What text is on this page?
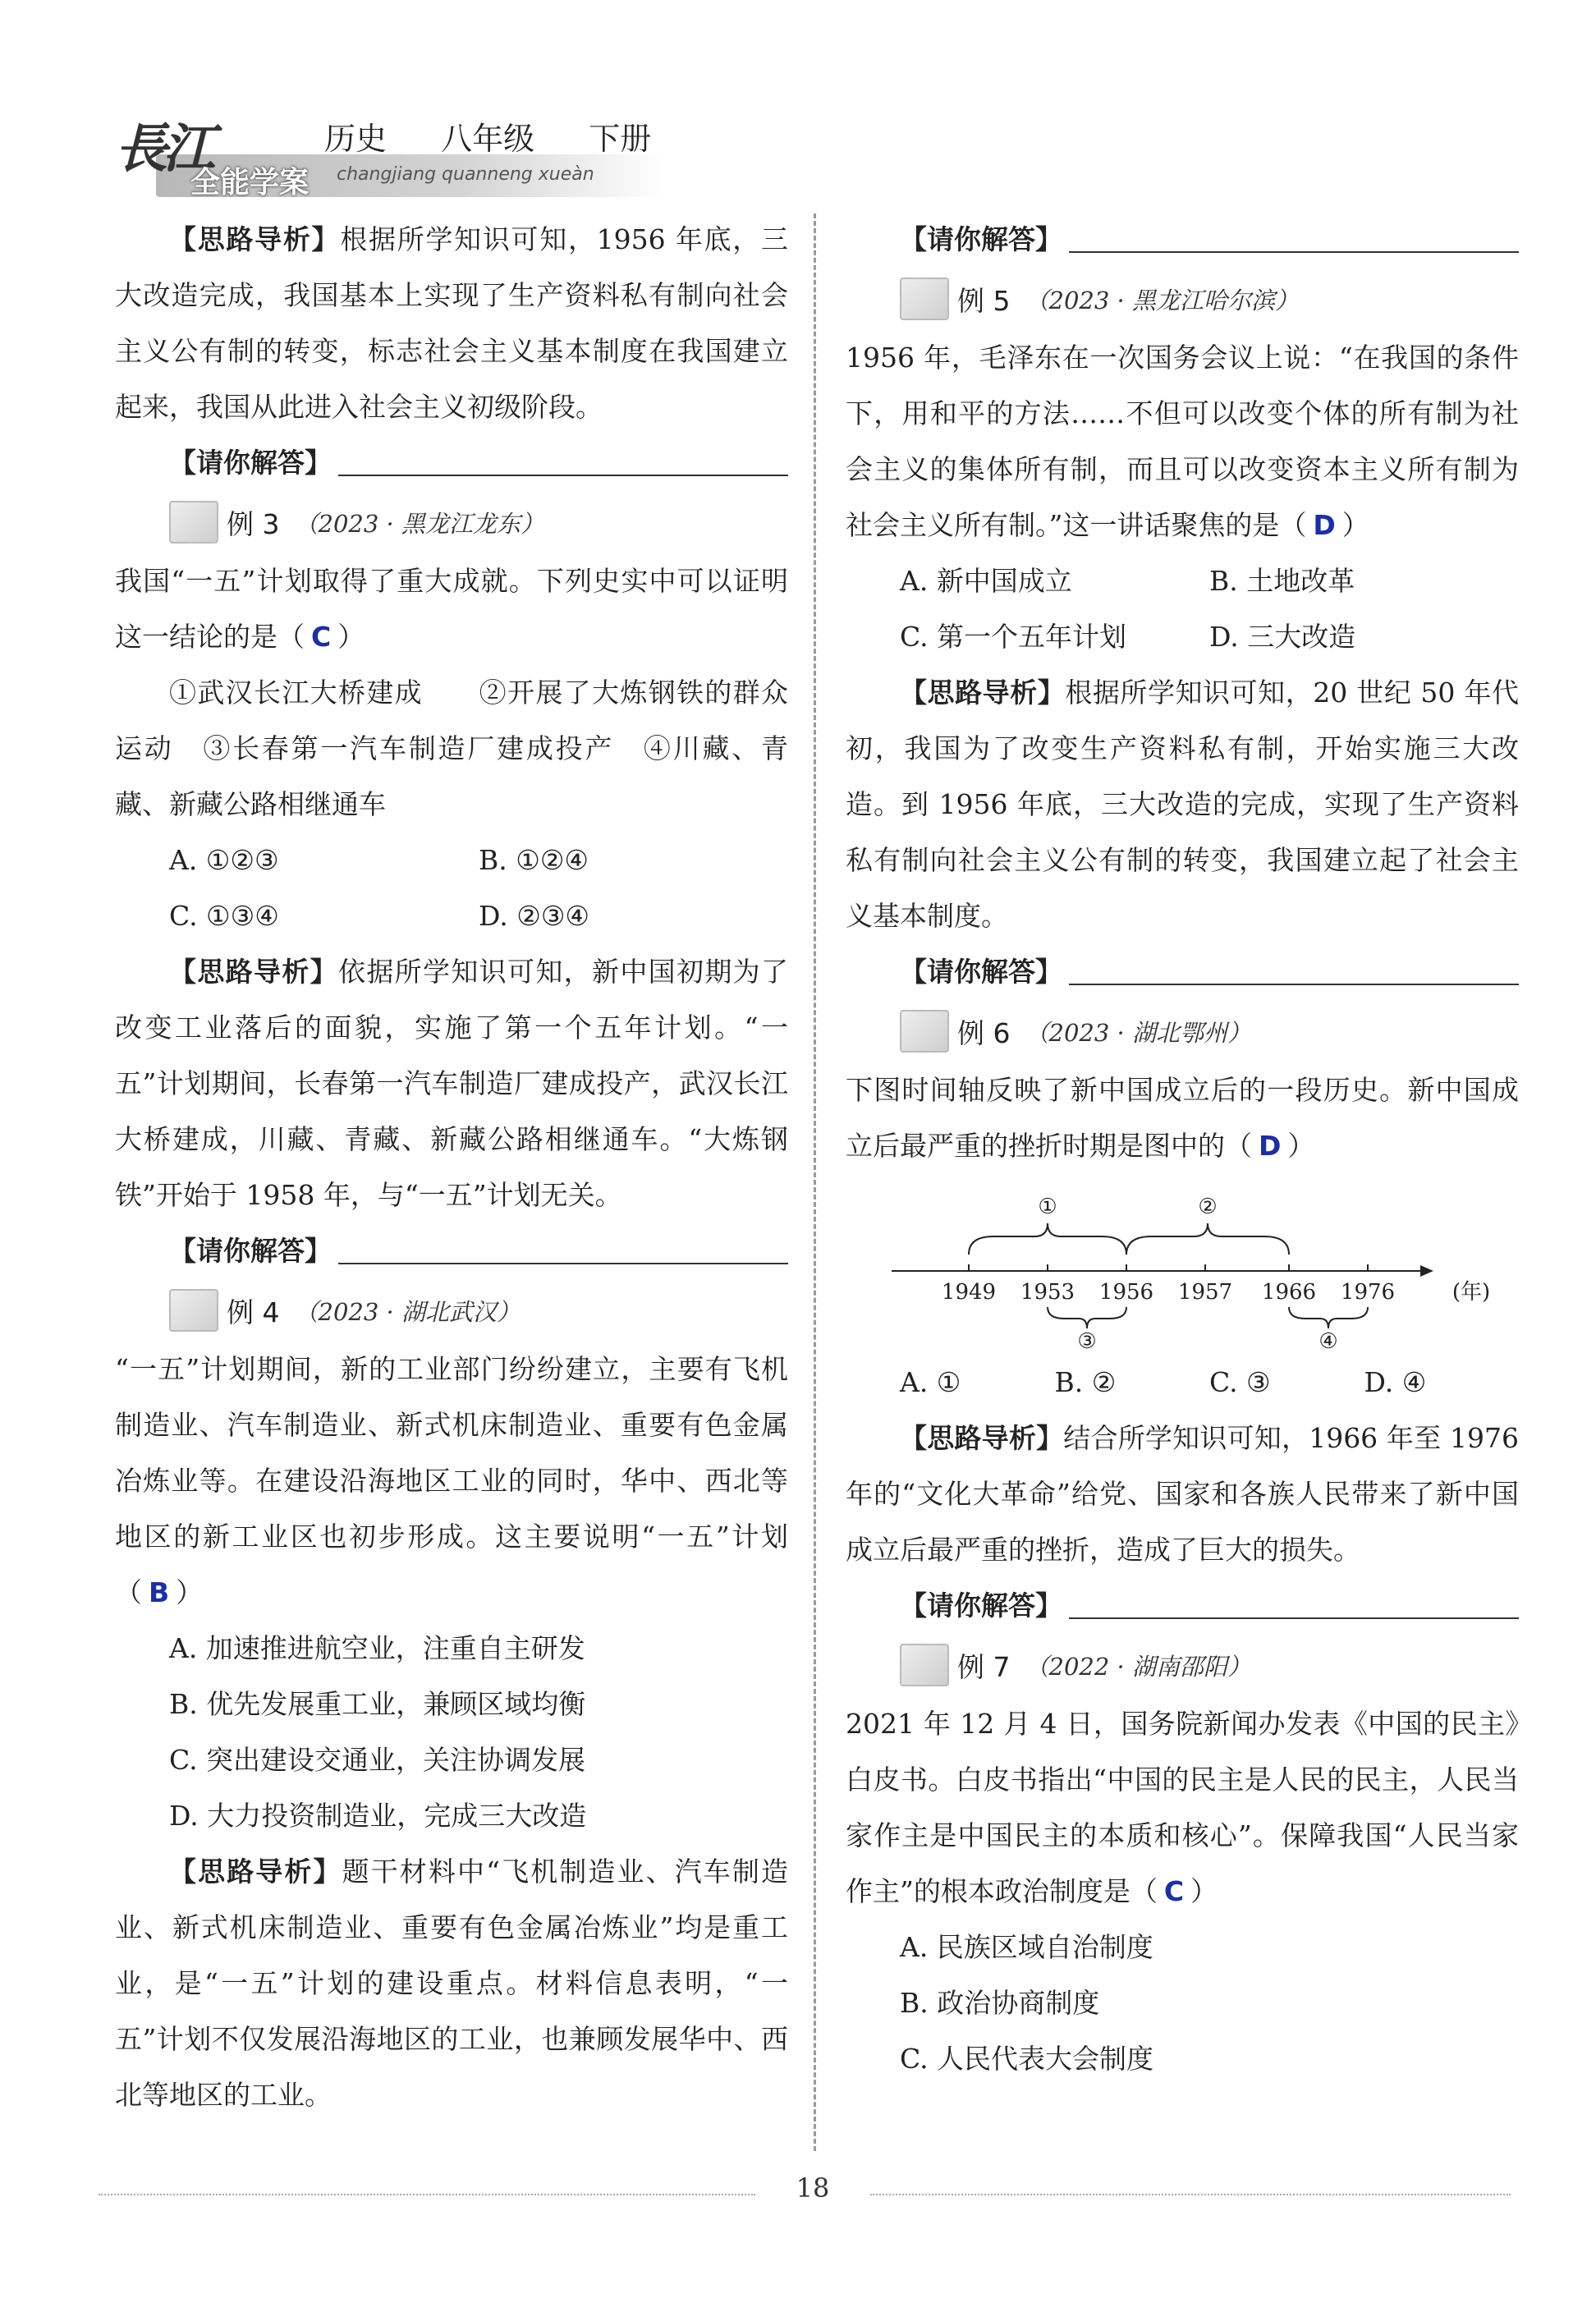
長江
全能学案 changjiang quanneng xueàn
历史 八年级 下册

【思路导析】根据所学知识可知，1956 年底，三大改造完成，我国基本上实现了生产资料私有制向社会主义公有制的转变，标志社会主义基本制度在我国建立起来，我国从此进入社会主义初级阶段。

【请你解答】
例 3 （2023 · 黑龙江龙东）

我国“一五”计划取得了重大成就。下列史实中可以证明这一结论的是（ C ）

①武汉长江大桥建成　　②开展了大炼钢铁的群众运动　③长春第一汽车制造厂建成投产　④川藏、青藏、新藏公路相继通车

A. ①②③	B. ①②④
C. ①③④	D. ②③④

【思路导析】依据所学知识可知，新中国初期为了改变工业落后的面貌，实施了第一个五年计划。“一五”计划期间，长春第一汽车制造厂建成投产，武汉长江大桥建成，川藏、青藏、新藏公路相继通车。“大炼钢铁”开始于 1958 年，与“一五”计划无关。

【请你解答】
例 4 （2023 · 湖北武汉）

“一五”计划期间，新的工业部门纷纷建立，主要有飞机制造业、汽车制造业、新式机床制造业、重要有色金属冶炼业等。在建设沿海地区工业的同时，华中、西北等地区的新工业区也初步形成。这主要说明“一五”计划（ B ）

A. 加速推进航空业，注重自主研发
B. 优先发展重工业，兼顾区域均衡
C. 突出建设交通业，关注协调发展
D. 大力投资制造业，完成三大改造

【思路导析】题干材料中“飞机制造业、汽车制造业、新式机床制造业、重要有色金属冶炼业”均是重工业，是“一五”计划的建设重点。材料信息表明，“一五”计划不仅发展沿海地区的工业，也兼顾发展华中、西北等地区的工业。

【请你解答】
例 5 （2023 · 黑龙江哈尔滨）

1956 年，毛泽东在一次国务会议上说：“在我国的条件下，用和平的方法……不但可以改变个体的所有制为社会主义的集体所有制，而且可以改变资本主义所有制为社会主义所有制。”这一讲话聚焦的是（ D ）

A. 新中国成立	B. 土地改革
C. 第一个五年计划	D. 三大改造

【思路导析】根据所学知识可知，20 世纪 50 年代初，我国为了改变生产资料私有制，开始实施三大改造。到 1956 年底，三大改造的完成，实现了生产资料私有制向社会主义公有制的转变，我国建立起了社会主义基本制度。

【请你解答】
例 6 （2023 · 湖北鄂州）

下图时间轴反映了新中国成立后的一段历史。新中国成立后最严重的挫折时期是图中的（ D ）

1949 1953 1956 1957 1966 1976	(年)
①	②
③	④
A. ①	B. ②	C. ③	D. ④

【思路导析】结合所学知识可知，1966 年至 1976 年的“文化大革命”给党、国家和各族人民带来了新中国成立后最严重的挫折，造成了巨大的损失。

【请你解答】
例 7 （2022 · 湖南邵阳）

2021 年 12 月 4 日，国务院新闻办发表《中国的民主》白皮书。白皮书指出“中国的民主是人民的民主，人民当家作主是中国民主的本质和核心”。保障我国“人民当家作主”的根本政治制度是（ C ）

A. 民族区域自治制度
B. 政治协商制度
C. 人民代表大会制度
18
